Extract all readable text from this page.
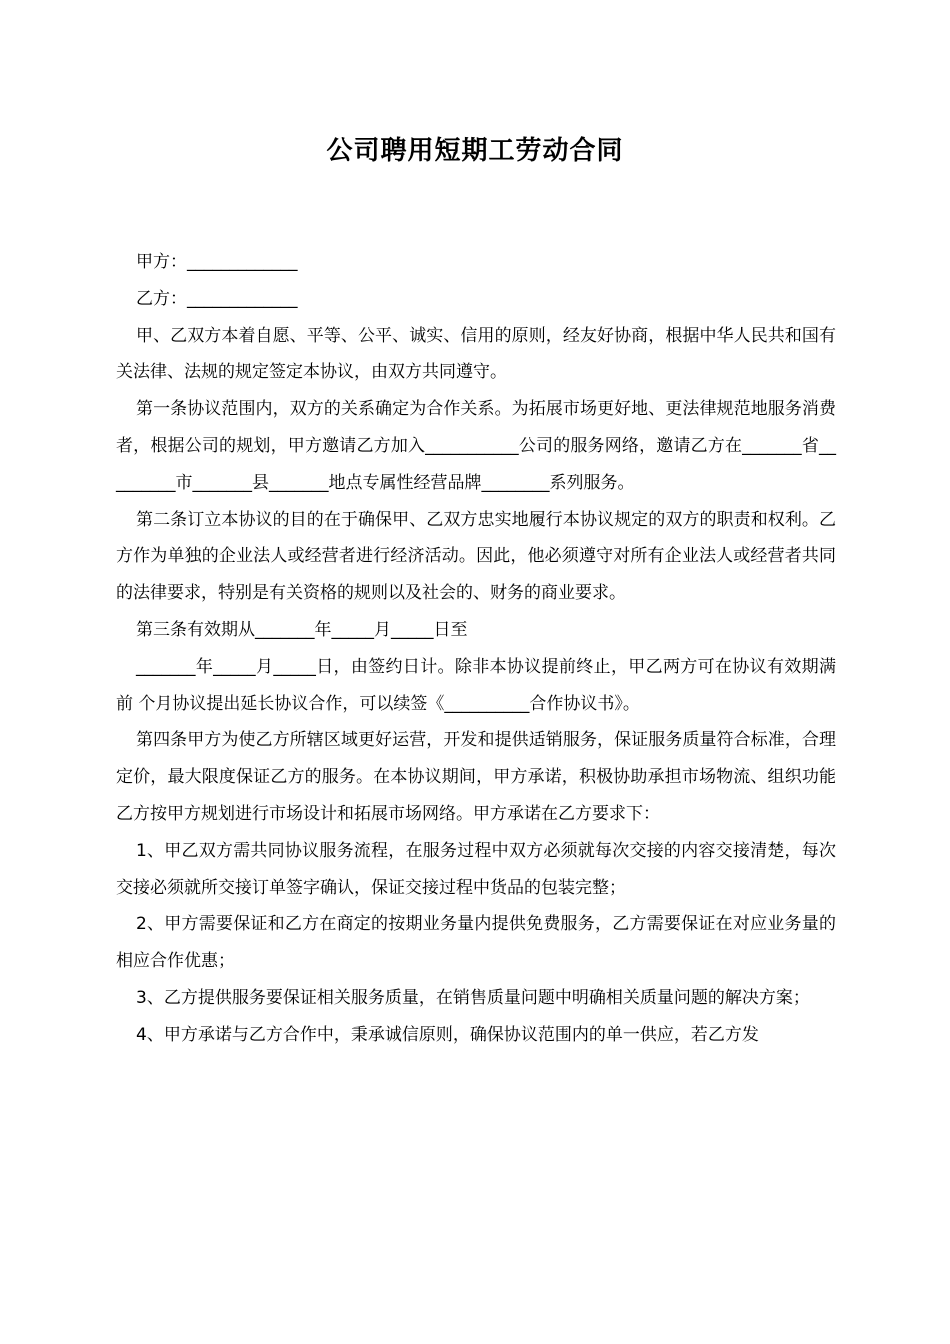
公司聘用短期工劳动合同

甲方：_____________

乙方：_____________

甲、乙双方本着自愿、平等、公平、诚实、信用的原则，经友好协商，根据中华人民共和国有关法律、法规的规定签定本协议，由双方共同遵守。

第一条协议范围内，双方的关系确定为合作关系。为拓展市场更好地、更法律规范地服务消费者，根据公司的规划，甲方邀请乙方加入___________公司的服务网络，邀请乙方在_______省_________市_______县_______地点专属性经营品牌________系列服务。

第二条订立本协议的目的在于确保甲、乙双方忠实地履行本协议规定的双方的职责和权利。乙方作为单独的企业法人或经营者进行经济活动。因此，他必须遵守对所有企业法人或经营者共同的法律要求，特别是有关资格的规则以及社会的、财务的商业要求。

第三条有效期从_______年_____月_____日至

_______年_____月_____日，由签约日计。除非本协议提前终止，甲乙两方可在协议有效期满前 个月协议提出延长协议合作，可以续签《__________合作协议书》。

第四条甲方为使乙方所辖区域更好运营，开发和提供适销服务，保证服务质量符合标准，合理定价，最大限度保证乙方的服务。在本协议期间，甲方承诺，积极协助承担市场物流、组织功能乙方按甲方规划进行市场设计和拓展市场网络。甲方承诺在乙方要求下：

1、甲乙双方需共同协议服务流程，在服务过程中双方必须就每次交接的内容交接清楚，每次交接必须就所交接订单签字确认，保证交接过程中货品的包装完整；

2、甲方需要保证和乙方在商定的按期业务量内提供免费服务，乙方需要保证在对应业务量的相应合作优惠；

3、乙方提供服务要保证相关服务质量，在销售质量问题中明确相关质量问题的解决方案；

4、甲方承诺与乙方合作中，秉承诚信原则，确保协议范围内的单一供应，若乙方发
